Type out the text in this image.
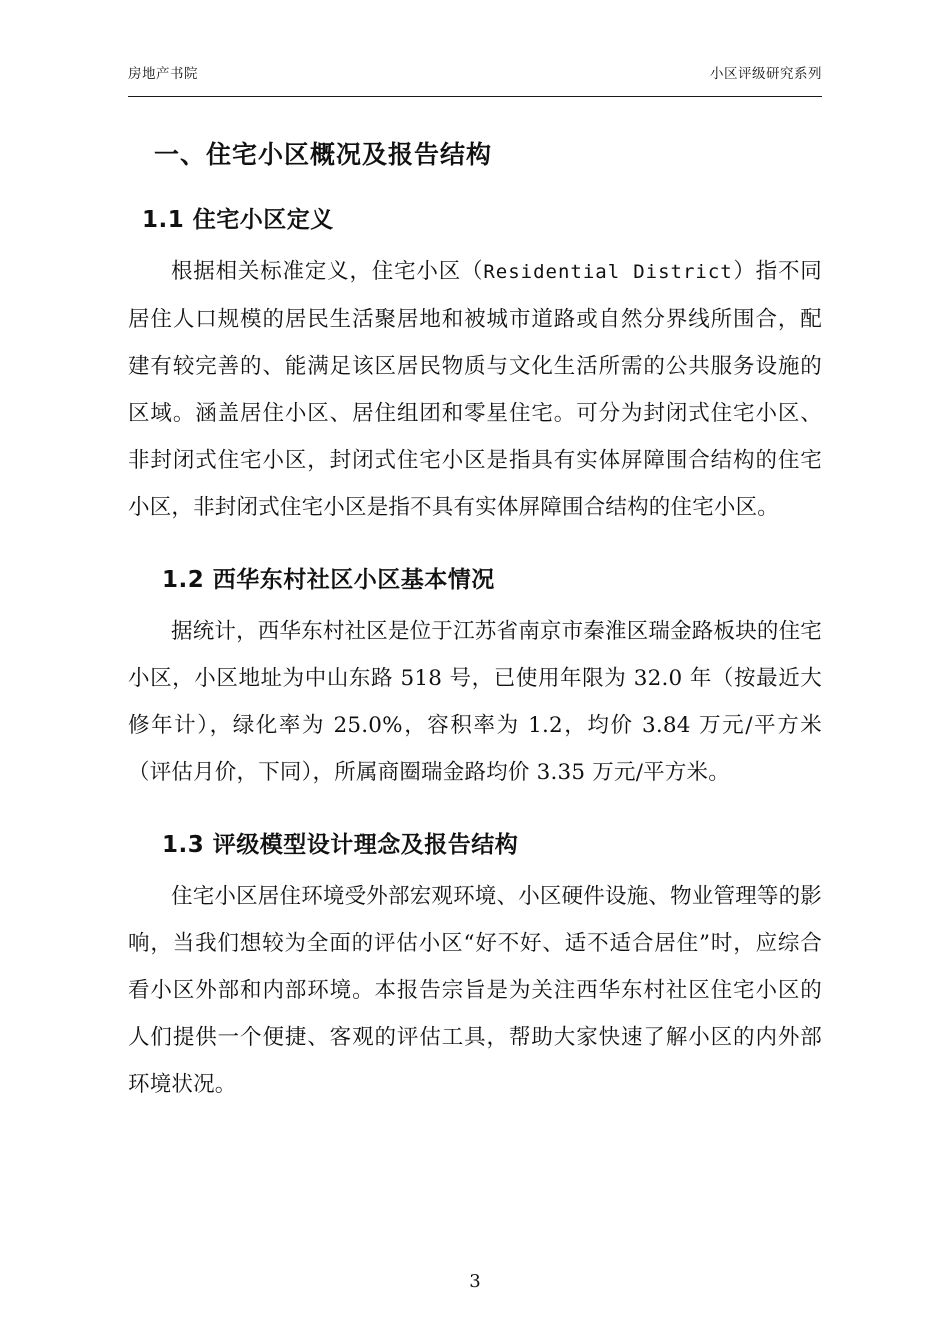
房地产书院	小区评级研究系列
一、住宅小区概况及报告结构
1.1 住宅小区定义

根据相关标准定义，住宅小区（Residential District）指不同居住人口规模的居民生活聚居地和被城市道路或自然分界线所围合，配建有较完善的、能满足该区居民物质与文化生活所需的公共服务设施的区域。涵盖居住小区、居住组团和零星住宅。可分为封闭式住宅小区、非封闭式住宅小区，封闭式住宅小区是指具有实体屏障围合结构的住宅小区，非封闭式住宅小区是指不具有实体屏障围合结构的住宅小区。

1.2 西华东村社区小区基本情况

据统计，西华东村社区是位于江苏省南京市秦淮区瑞金路板块的住宅小区，小区地址为中山东路 518 号，已使用年限为 32.0 年（按最近大修年计），绿化率为 25.0%，容积率为 1.2，均价 3.84 万元/平方米（评估月价，下同），所属商圈瑞金路均价 3.35 万元/平方米。

1.3 评级模型设计理念及报告结构

住宅小区居住环境受外部宏观环境、小区硬件设施、物业管理等的影响，当我们想较为全面的评估小区“好不好、适不适合居住”时，应综合看小区外部和内部环境。本报告宗旨是为关注西华东村社区住宅小区的人们提供一个便捷、客观的评估工具，帮助大家快速了解小区的内外部环境状况。

3
